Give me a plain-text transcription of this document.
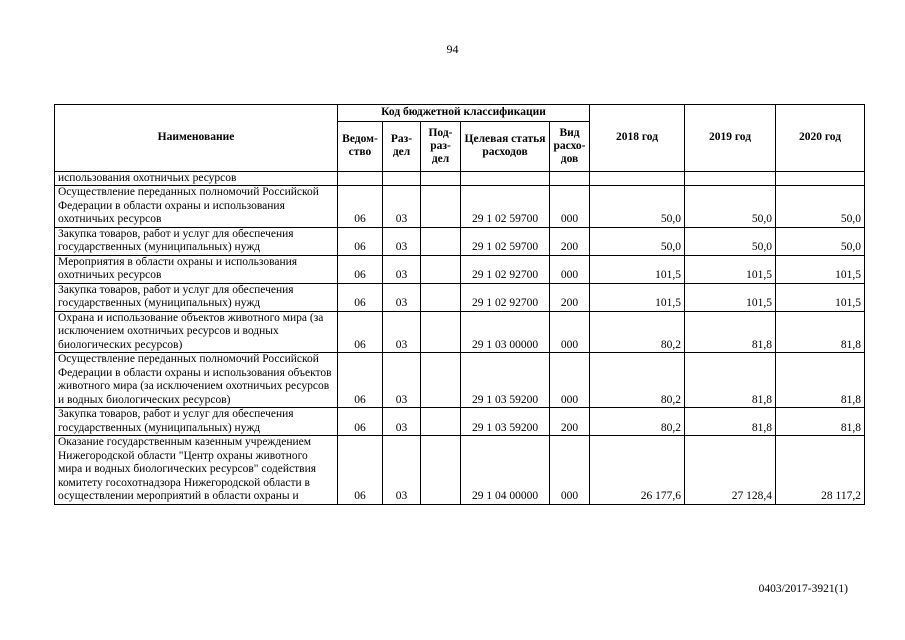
94
Наименование	Код бюджетной классификации					2018 год	2019 год	2020 год
	Ведом-ство	Раз-дел	Под-раз-дел	Целевая статья расходов	Вид расхо-дов			
использования охотничьих ресурсов								
Осуществление переданных полномочий Российской Федерации в области охраны и использования охотничьих ресурсов	06	03		29 1 02 59700	000	50,0	50,0	50,0
Закупка товаров, работ и услуг для обеспечения государственных (муниципальных) нужд	06	03		29 1 02 59700	200	50,0	50,0	50,0
Мероприятия в области охраны и использования охотничьих ресурсов	06	03		29 1 02 92700	000	101,5	101,5	101,5
Закупка товаров, работ и услуг для обеспечения государственных (муниципальных) нужд	06	03		29 1 02 92700	200	101,5	101,5	101,5
Охрана и использование объектов животного мира (за исключением охотничьих ресурсов и водных биологических ресурсов)	06	03		29 1 03 00000	000	80,2	81,8	81,8
Осуществление переданных полномочий Российской Федерации в области охраны и использования объектов животного мира (за исключением охотничьих ресурсов и водных биологических ресурсов)	06	03		29 1 03 59200	000	80,2	81,8	81,8
Закупка товаров, работ и услуг для обеспечения государственных (муниципальных) нужд	06	03		29 1 03 59200	200	80,2	81,8	81,8
Оказание государственным казенным учреждением Нижегородской области "Центр охраны животного мира и водных биологических ресурсов" содействия комитету госохотнадзора Нижегородской области в осуществлении мероприятий в области охраны и	06	03		29 1 04 00000	000	26 177,6	27 128,4	28 117,2
0403/2017-3921(1)
